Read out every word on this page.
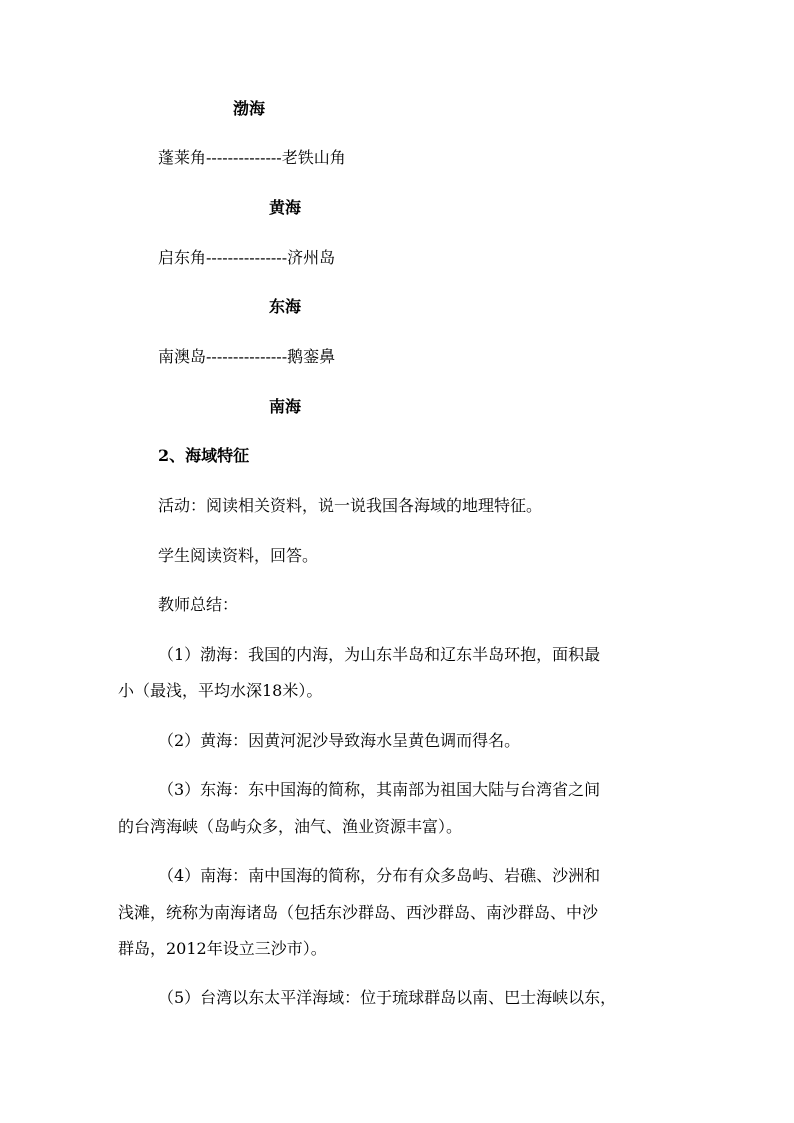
渤海
蓬莱角--------------老铁山角
黄海
启东角---------------济州岛
东海
南澳岛---------------鹅銮鼻
南海
2、海域特征
活动：阅读相关资料，说一说我国各海域的地理特征。
学生阅读资料，回答。
教师总结：
（1）渤海：我国的内海，为山东半岛和辽东半岛环抱，面积最
小（最浅，平均水深18米）。
（2）黄海：因黄河泥沙导致海水呈黄色调而得名。
（3）东海：东中国海的简称，其南部为祖国大陆与台湾省之间
的台湾海峡（岛屿众多，油气、渔业资源丰富）。
（4）南海：南中国海的简称，分布有众多岛屿、岩礁、沙洲和
浅滩，统称为南海诸岛（包括东沙群岛、西沙群岛、南沙群岛、中沙
群岛，2012年设立三沙市）。
（5）台湾以东太平洋海域：位于琉球群岛以南、巴士海峡以东，
